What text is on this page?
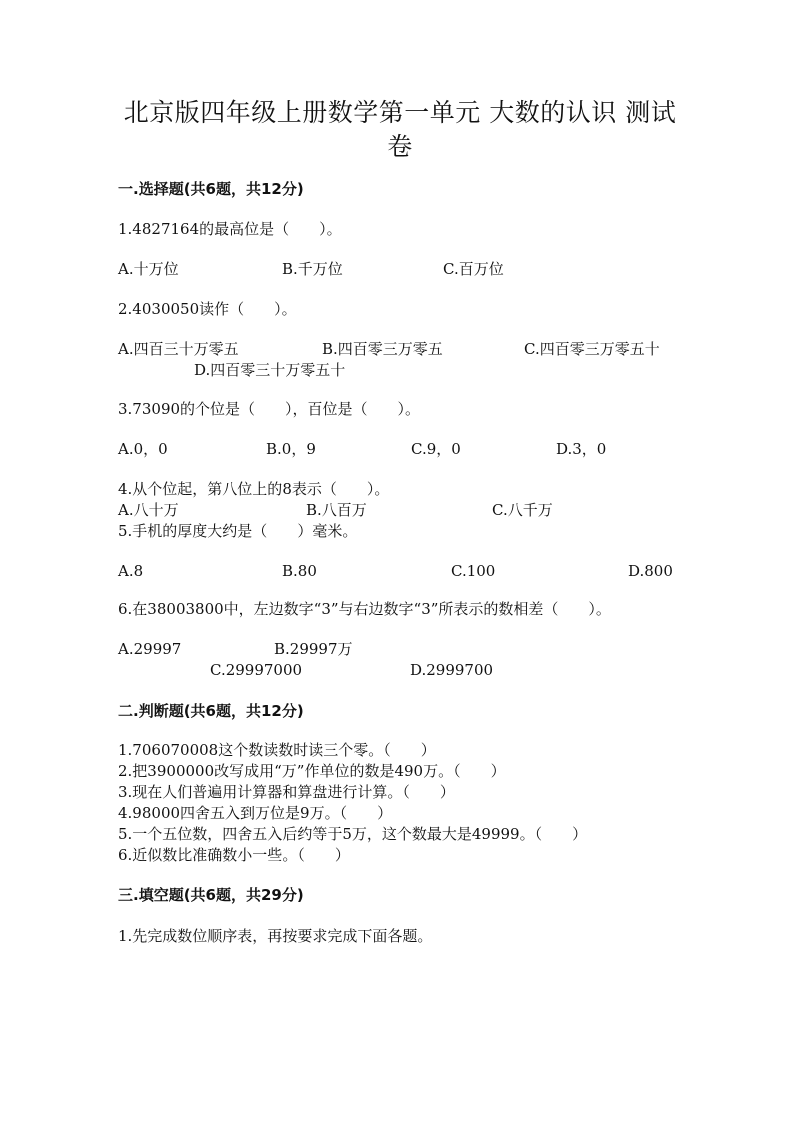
北京版四年级上册数学第一单元 大数的认识 测试
卷
一.选择题(共6题，共12分)
1.4827164的最高位是（　　）。
A.十万位	B.千万位	C.百万位
2.4030050读作（　　）。
A.四百三十万零五	B.四百零三万零五	C.四百零三万零五十
D.四百零三十万零五十
3.73090的个位是（　　），百位是（　　）。
A.0，0	B.0，9	C.9，0	D.3，0
4.从个位起，第八位上的8表示（　　）。
A.八十万	B.八百万	C.八千万
5.手机的厚度大约是（　　）毫米。
A.8	B.80	C.100	D.800
6.在38003800中，左边数字“3”与右边数字“3”所表示的数相差（　　）。
A.29997	B.29997万
C.29997000	D.2999700
二.判断题(共6题，共12分)
1.706070008这个数读数时读三个零。（　　）
2.把3900000改写成用“万”作单位的数是490万。（　　）
3.现在人们普遍用计算器和算盘进行计算。（　　）
4.98000四舍五入到万位是9万。（　　）
5.一个五位数，四舍五入后约等于5万，这个数最大是49999。（　　）
6.近似数比准确数小一些。（　　）
三.填空题(共6题，共29分)
1.先完成数位顺序表，再按要求完成下面各题。
